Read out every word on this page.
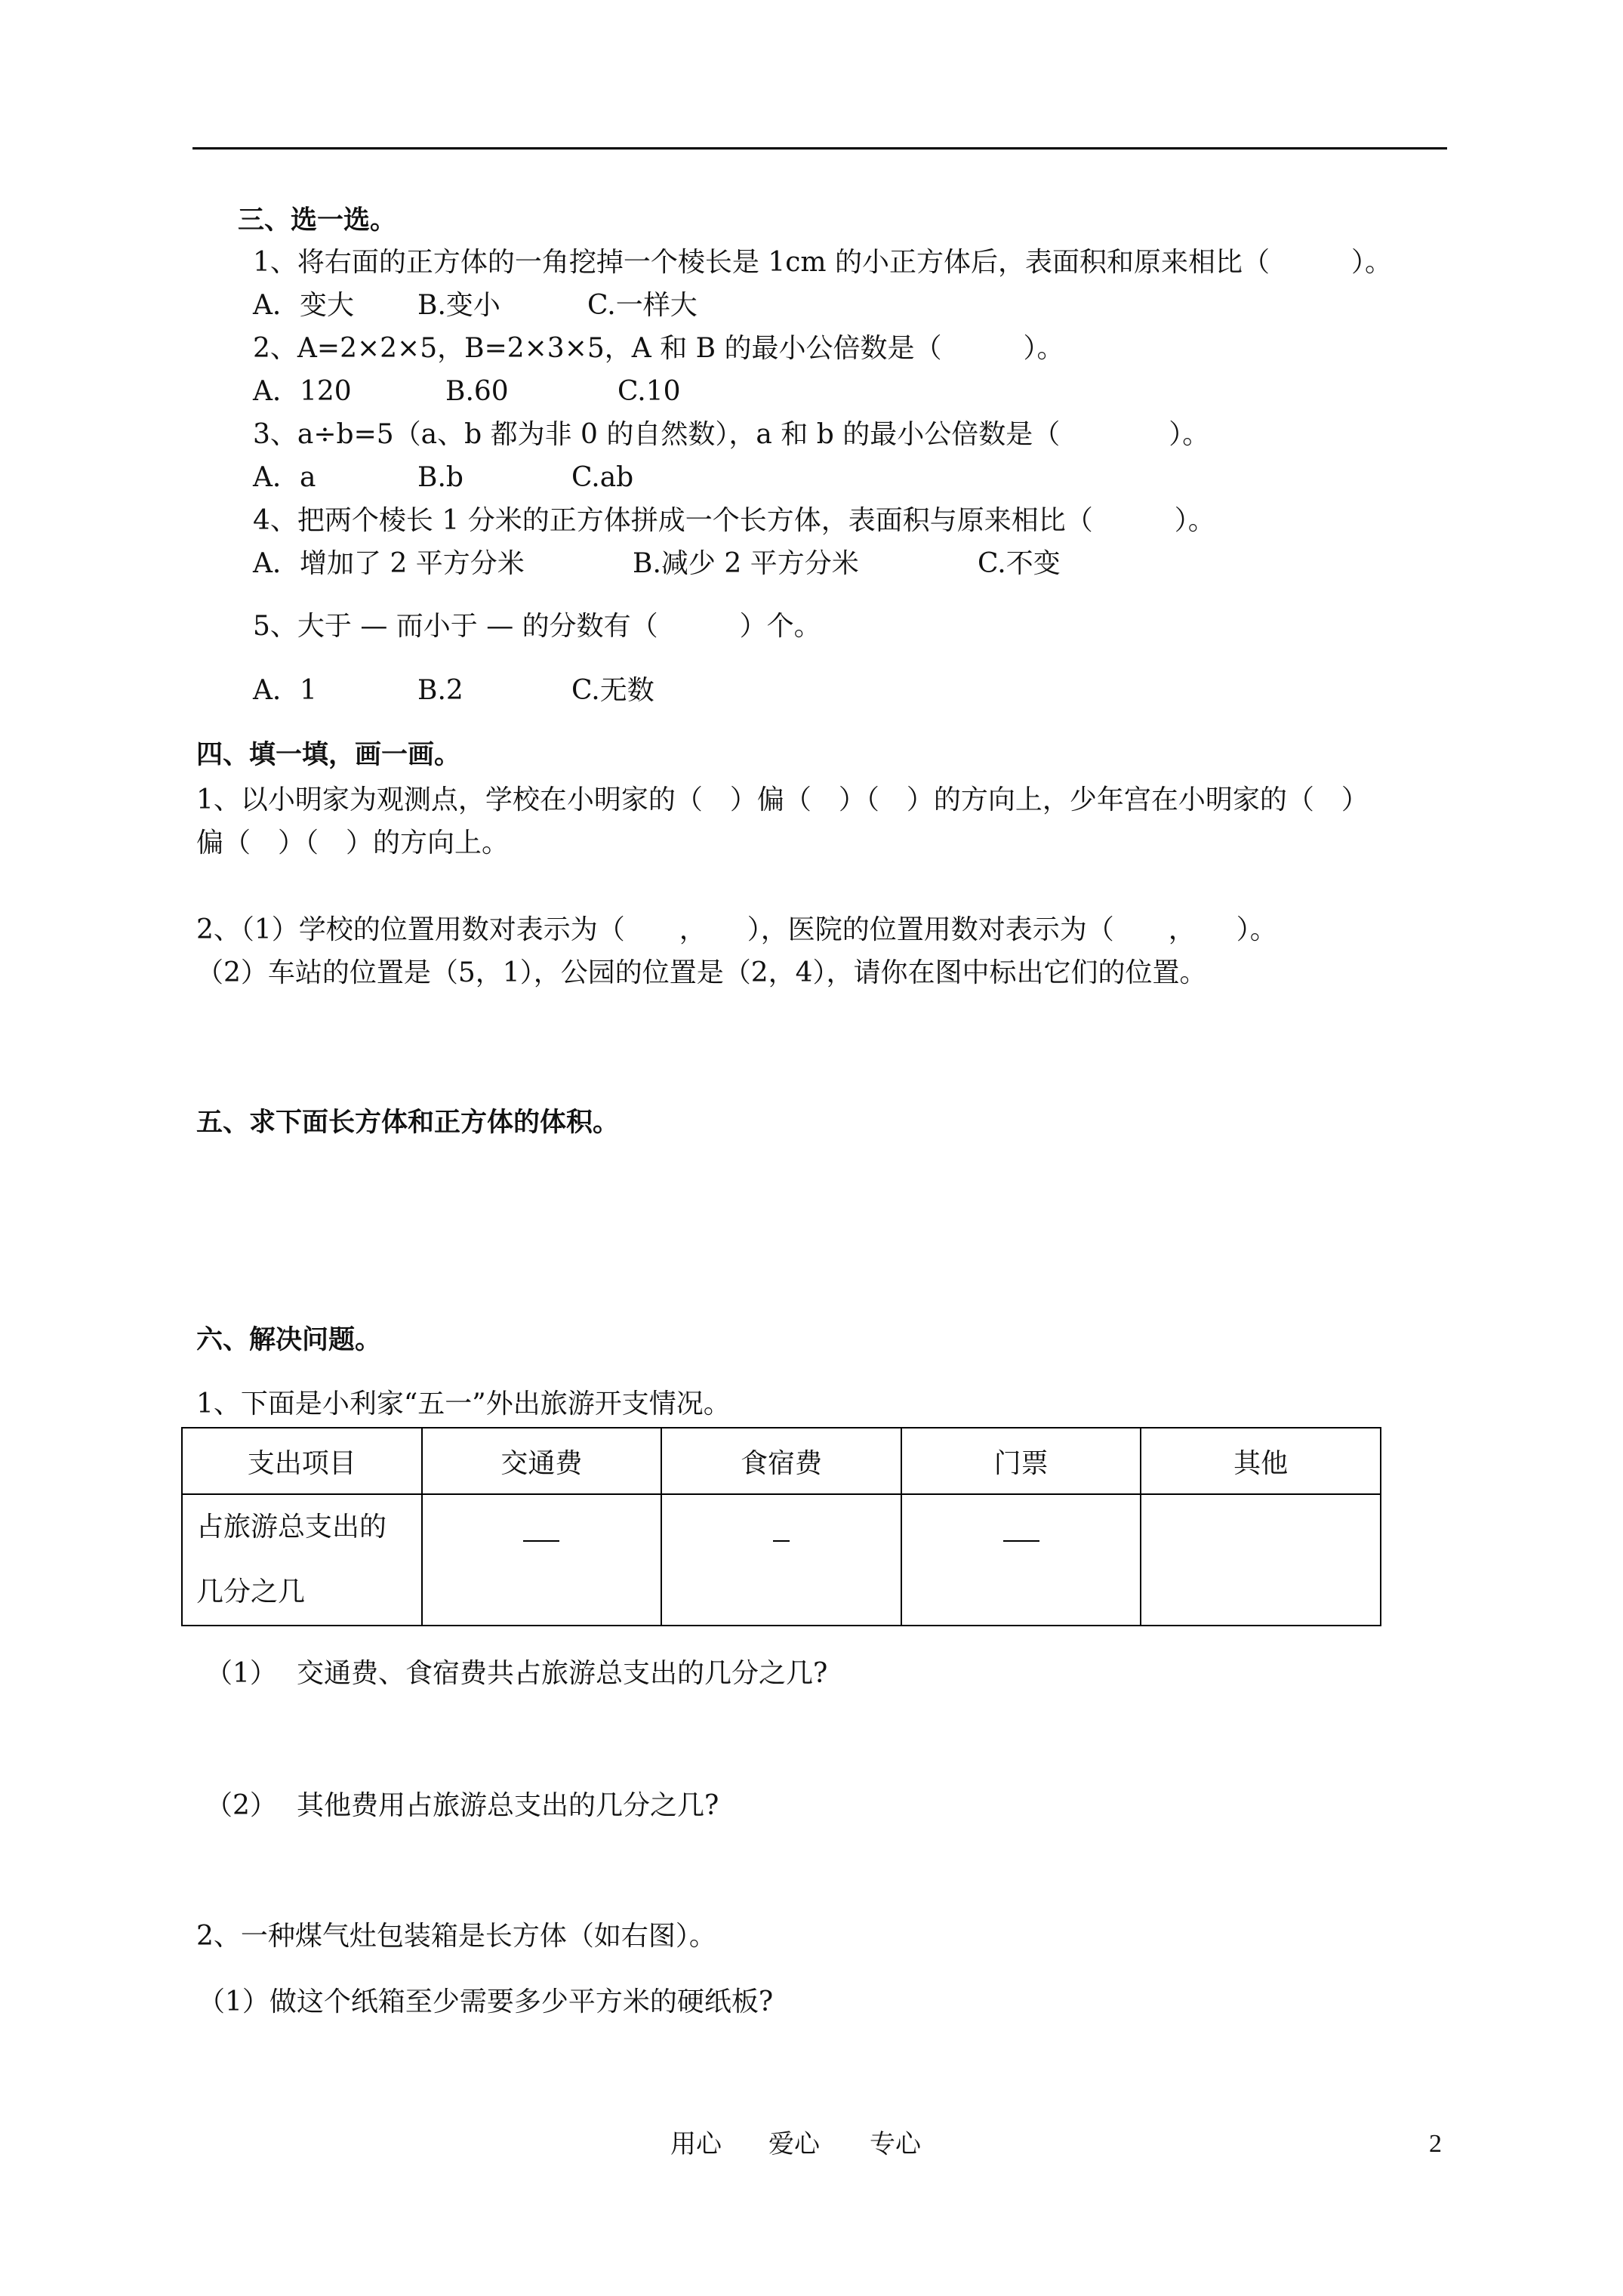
三、选一选。
1、将右面的正方体的一角挖掉一个棱长是 1cm 的小正方体后，表面积和原来相比（　　　）。
A．变大 B.变小	C.一样大
2、A=2×2×5，B=2×3×5，A 和 B 的最小公倍数是（　　　）。
A．120	B.60	C.10
3、a÷b=5（a、b 都为非 0 的自然数），a 和 b 的最小公倍数是（　　　　）。
A．a	B.b	C.ab
4、把两个棱长 1 分米的正方体拼成一个长方体，表面积与原来相比（　　　）。
A．增加了 2 平方分米	B.减少 2 平方分米	C.不变
5、大于 — 而小于 — 的分数有（　　　）个。
A．1	B.2	C.无数
四、填一填，画一画。
1、以小明家为观测点，学校在小明家的（　）偏（　）（　）的方向上，少年宫在小明家的（　）
偏（　）（　）的方向上。
2、（1）学校的位置用数对表示为（　　，　　），医院的位置用数对表示为（　　，　　）。
（2）车站的位置是（5，1），公园的位置是（2，4），请你在图中标出它们的位置。
五、求下面长方体和正方体的体积。
六、解决问题。
1、下面是小利家“五一”外出旅游开支情况。
支出项目	交通费	食宿费	门票	其他

占旅游总支出的
几分之几				

（1） 交通费、食宿费共占旅游总支出的几分之几?
（2） 其他费用占旅游总支出的几分之几?
2、一种煤气灶包装箱是长方体（如右图）。
（1）做这个纸箱至少需要多少平方米的硬纸板?
用心 爱心 专心	2
